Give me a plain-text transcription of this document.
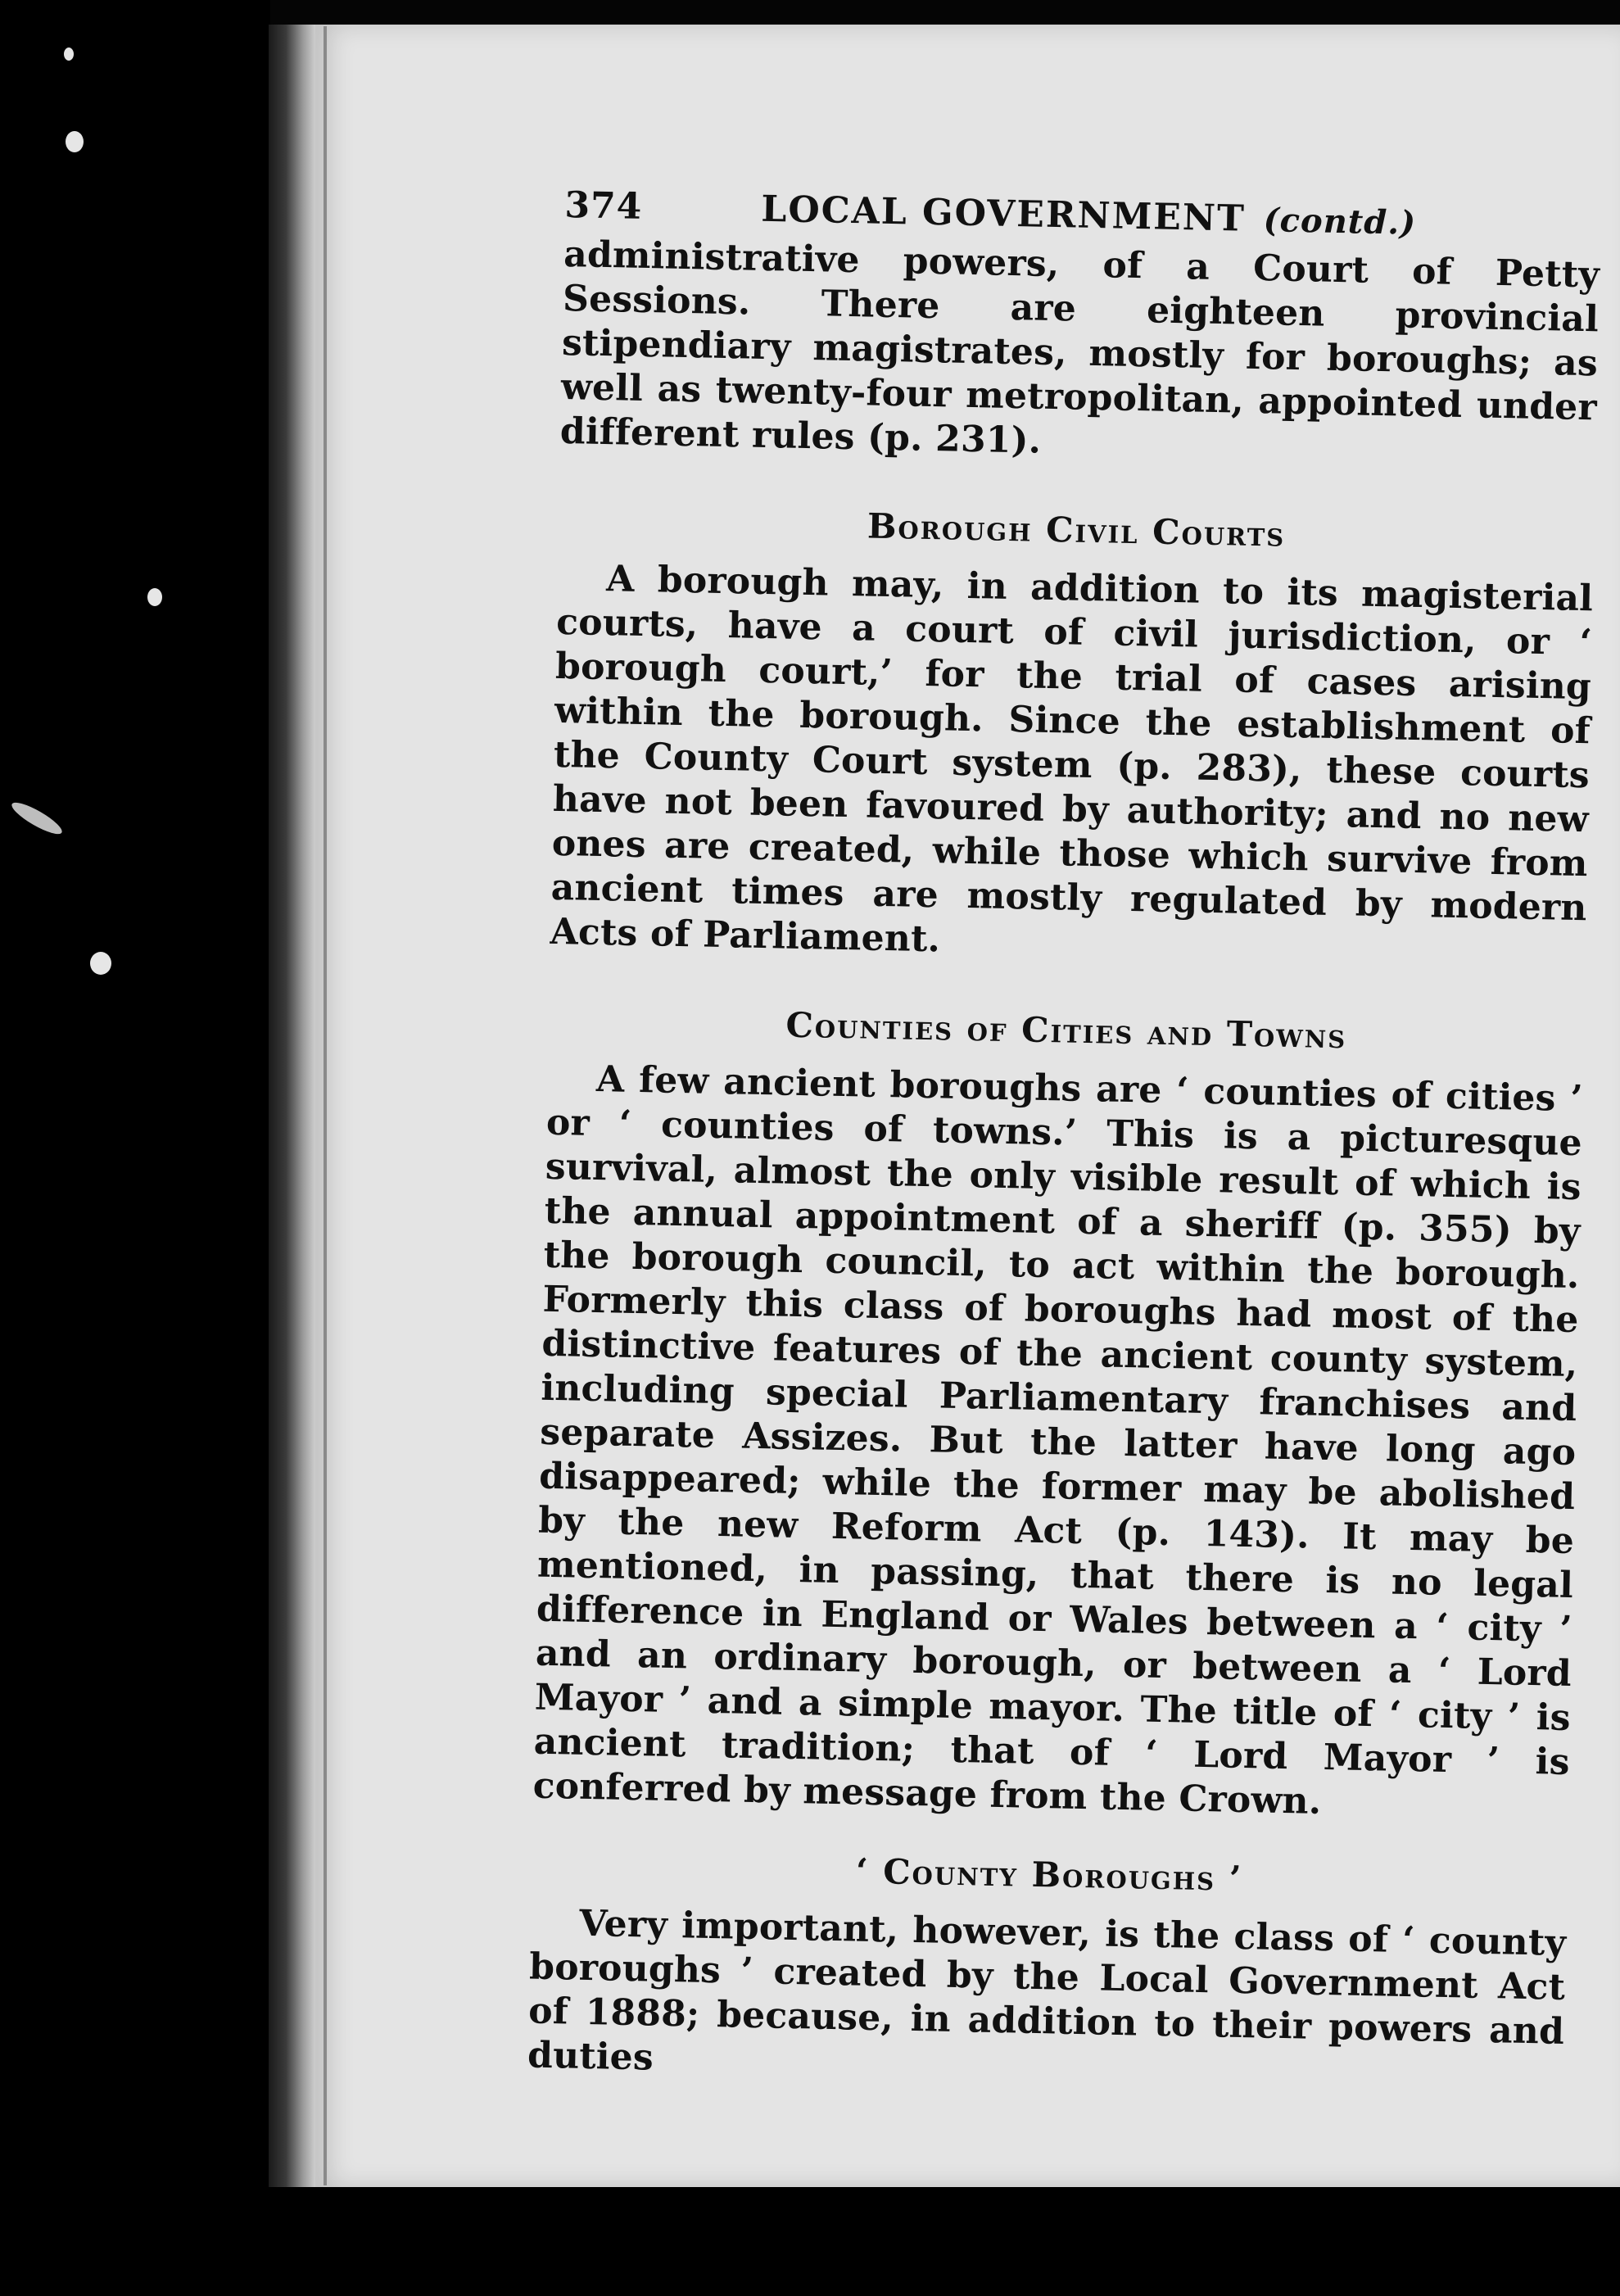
374	LOCAL GOVERNMENT (contd.)

administrative powers, of a Court of Petty Sessions. There are eighteen provincial stipendiary magistrates, mostly for boroughs; as well as twenty-four metropolitan, appointed under different rules (p. 231).

Borough Civil Courts

A borough may, in addition to its magisterial courts, have a court of civil jurisdiction, or ‘ borough court,’ for the trial of cases arising within the borough. Since the establishment of the County Court system (p. 283), these courts have not been favoured by authority; and no new ones are created, while those which survive from ancient times are mostly regulated by modern Acts of Parliament.

Counties of Cities and Towns

A few ancient boroughs are ‘ counties of cities ’ or ‘ counties of towns.’ This is a picturesque survival, almost the only visible result of which is the annual appointment of a sheriff (p. 355) by the borough council, to act within the borough. Formerly this class of boroughs had most of the distinctive features of the ancient county system, including special Parliamentary franchises and separate Assizes. But the latter have long ago disappeared; while the former may be abolished by the new Reform Act (p. 143). It may be mentioned, in passing, that there is no legal difference in England or Wales between a ‘ city ’ and an ordinary borough, or between a ‘ Lord Mayor ’ and a simple mayor. The title of ‘ city ’ is ancient tradition; that of ‘ Lord Mayor ’ is conferred by message from the Crown.

‘ County Boroughs ’

Very important, however, is the class of ‘ county boroughs ’ created by the Local Government Act of 1888; because, in addition to their powers and duties
